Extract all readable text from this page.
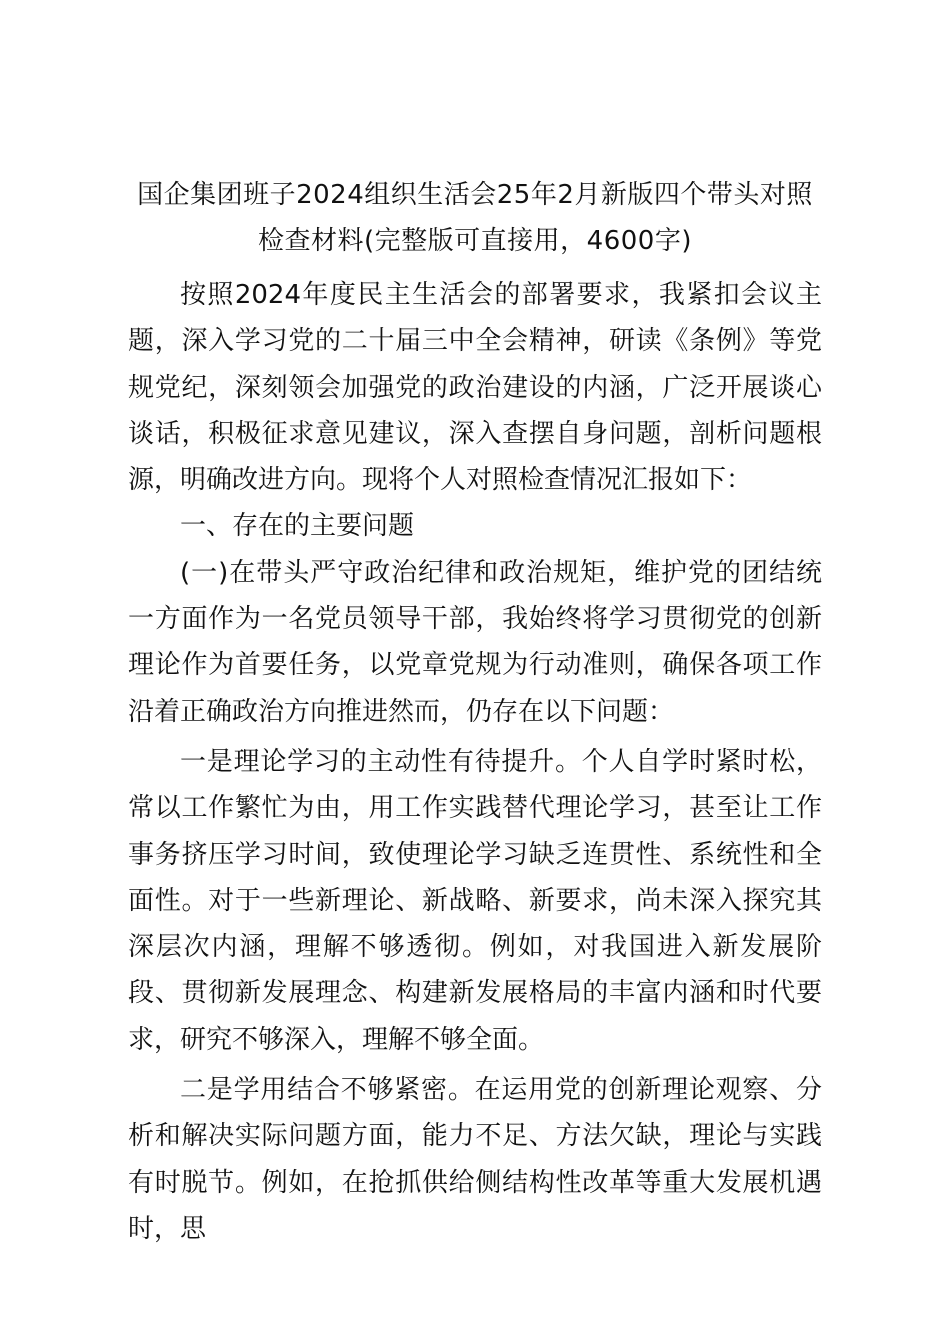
国企集团班子2024组织生活会25年2月新版四个带头对照检查材料(完整版可直接用，4600字)

按照2024年度民主生活会的部署要求，我紧扣会议主题，深入学习党的二十届三中全会精神，研读《条例》等党规党纪，深刻领会加强党的政治建设的内涵，广泛开展谈心谈话，积极征求意见建议，深入查摆自身问题，剖析问题根源，明确改进方向。现将个人对照检查情况汇报如下：

一、存在的主要问题

(一)在带头严守政治纪律和政治规矩，维护党的团结统一方面作为一名党员领导干部，我始终将学习贯彻党的创新理论作为首要任务，以党章党规为行动准则，确保各项工作沿着正确政治方向推进然而，仍存在以下问题：

一是理论学习的主动性有待提升。个人自学时紧时松，常以工作繁忙为由，用工作实践替代理论学习，甚至让工作事务挤压学习时间，致使理论学习缺乏连贯性、系统性和全面性。对于一些新理论、新战略、新要求，尚未深入探究其深层次内涵，理解不够透彻。例如，对我国进入新发展阶段、贯彻新发展理念、构建新发展格局的丰富内涵和时代要求，研究不够深入，理解不够全面。

二是学用结合不够紧密。在运用党的创新理论观察、分析和解决实际问题方面，能力不足、方法欠缺，理论与实践有时脱节。例如，在抢抓供给侧结构性改革等重大发展机遇时，思
